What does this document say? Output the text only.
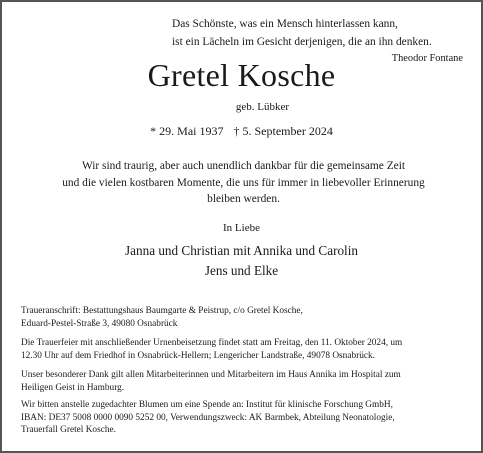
Das Schönste, was ein Mensch hinterlassen kann,
ist ein Lächeln im Gesicht derjenigen, die an ihn denken.
Theodor Fontane
Gretel Kosche
geb. Lübker
* 29. Mai 1937 † 5. September 2024
Wir sind traurig, aber auch unendlich dankbar für die gemeinsame Zeit
und die vielen kostbaren Momente, die uns für immer in liebevoller Erinnerung
bleiben werden.
In Liebe
Janna und Christian mit Annika und Carolin
Jens und Elke
Traueranschrift: Bestattungshaus Baumgarte & Peistrup, c/o Gretel Kosche,
Eduard-Pestel-Straße 3, 49080 Osnabrück
Die Trauerfeier mit anschließender Urnenbeisetzung findet statt am Freitag, den 11. Oktober 2024, um
12.30 Uhr auf dem Friedhof in Osnabrück-Hellern; Lengericher Landstraße, 49078 Osnabrück.
Unser besonderer Dank gilt allen Mitarbeiterinnen und Mitarbeitern im Haus Annika im Hospital zum
Heiligen Geist in Hamburg.
Wir bitten anstelle zugedachter Blumen um eine Spende an: Institut für klinische Forschung GmbH,
IBAN: DE37 5008 0000 0090 5252 00, Verwendungszweck: AK Barmbek, Abteilung Neonatologie,
Trauerfall Gretel Kosche.
